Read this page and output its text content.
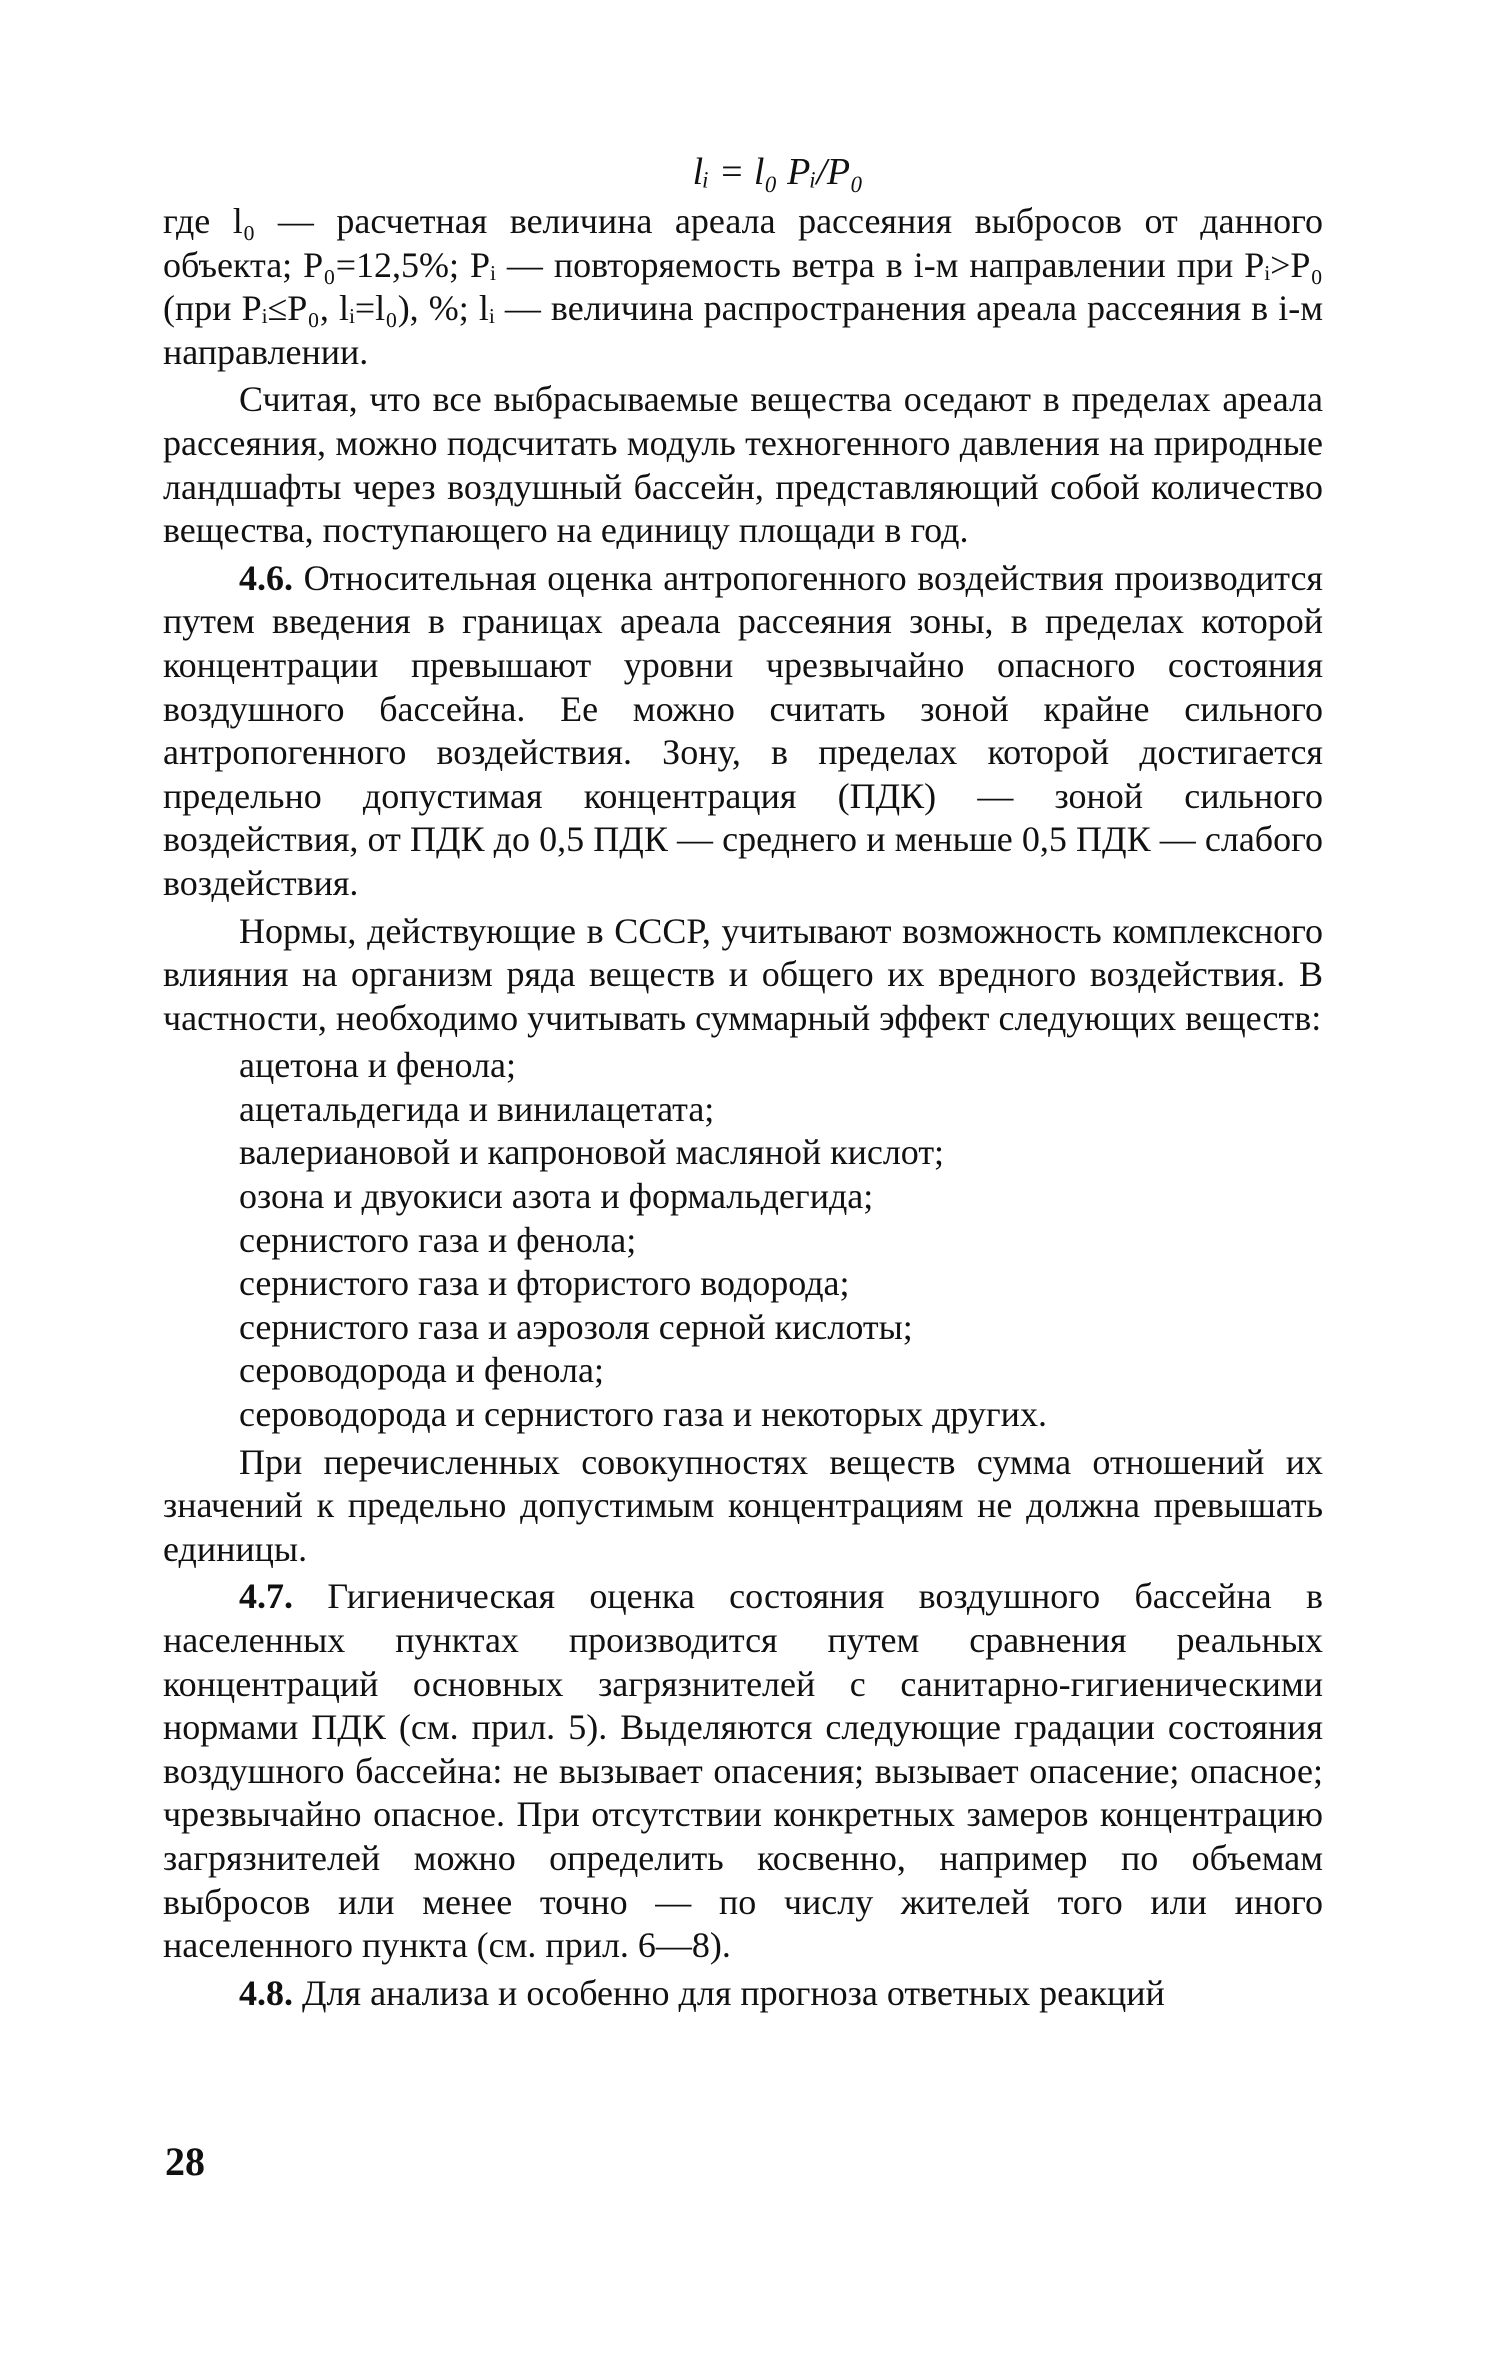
lᵢ = l₀ Pᵢ/P₀

где l₀ — расчетная величина ареала рассеяния выбросов от данного объекта; P₀=12,5%; Pᵢ — повторяемость ветра в i-м направлении при Pᵢ>P₀ (при Pᵢ≤P₀, lᵢ=l₀), %; lᵢ — величина распространения ареала рассеяния в i-м направлении.

Считая, что все выбрасываемые вещества оседают в пределах ареала рассеяния, можно подсчитать модуль техногенного давления на природные ландшафты через воздушный бассейн, представляющий собой количество вещества, поступающего на единицу площади в год.

4.6. Относительная оценка антропогенного воздействия производится путем введения в границах ареала рассеяния зоны, в пределах которой концентрации превышают уровни чрезвычайно опасного состояния воздушного бассейна. Ее можно считать зоной крайне сильного антропогенного воздействия. Зону, в пределах которой достигается предельно допустимая концентрация (ПДК) — зоной сильного воздействия, от ПДК до 0,5 ПДК — среднего и меньше 0,5 ПДК — слабого воздействия.

Нормы, действующие в СССР, учитывают возможность комплексного влияния на организм ряда веществ и общего их вредного воздействия. В частности, необходимо учитывать суммарный эффект следующих веществ:

ацетона и фенола;
ацетальдегида и винилацетата;
валериановой и капроновой масляной кислот;
озона и двуокиси азота и формальдегида;
сернистого газа и фенола;
сернистого газа и фтористого водорода;
сернистого газа и аэрозоля серной кислоты;
сероводорода и фенола;
сероводорода и сернистого газа и некоторых других.

При перечисленных совокупностях веществ сумма отношений их значений к предельно допустимым концентрациям не должна превышать единицы.

4.7. Гигиеническая оценка состояния воздушного бассейна в населенных пунктах производится путем сравнения реальных концентраций основных загрязнителей с санитарно-гигиеническими нормами ПДК (см. прил. 5). Выделяются следующие градации состояния воздушного бассейна: не вызывает опасения; вызывает опасение; опасное; чрезвычайно опасное. При отсутствии конкретных замеров концентрацию загрязнителей можно определить косвенно, например по объемам выбросов или менее точно — по числу жителей того или иного населенного пункта (см. прил. 6—8).

4.8. Для анализа и особенно для прогноза ответных реакций

28
